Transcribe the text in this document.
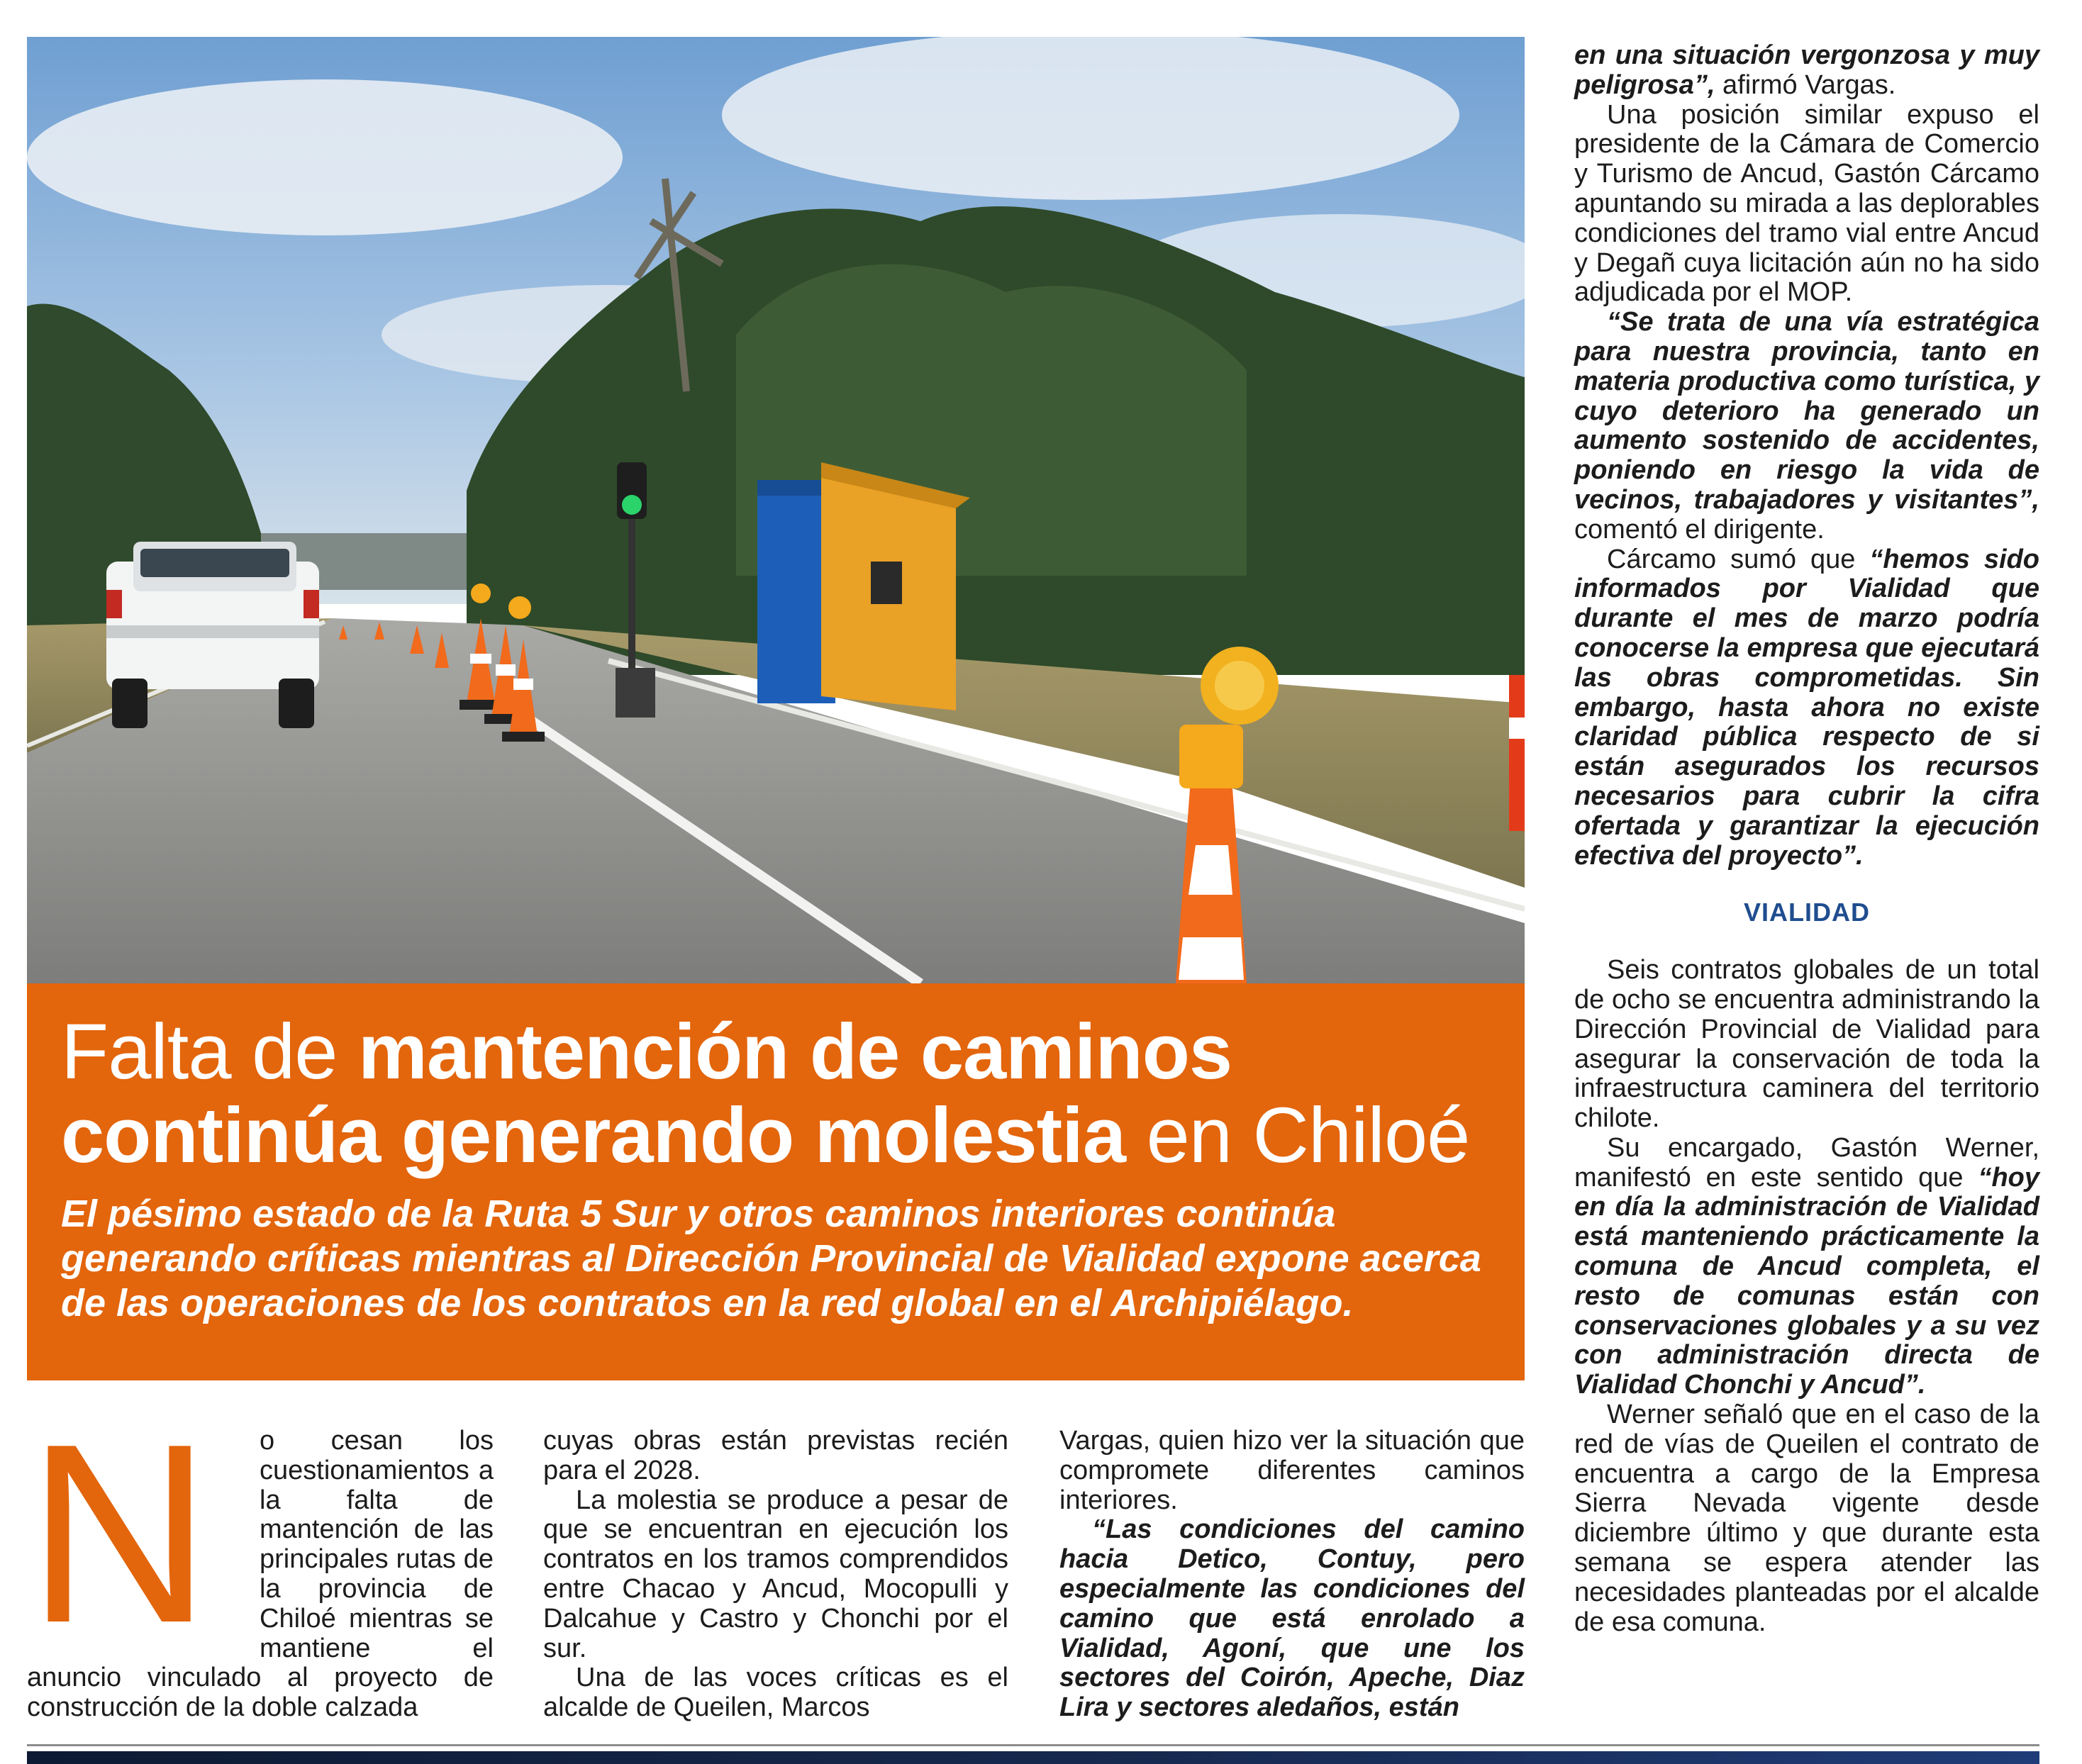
Falta de mantención de caminos
continúa generando molestia en Chiloé

El pésimo estado de la Ruta 5 Sur y otros caminos interiores continúa generando críticas mientras al Dirección Provincial de Vialidad expone acerca de las operaciones de los contratos en la red global en el Archipiélago.

N	o cesan los cuestionamientos a la falta de mantención de las principales rutas de la provincia de Chiloé mientras se mantiene el anuncio vinculado al proyecto de construcción de la doble calzada

cuyas obras están previstas recién para el 2028.

La molestia se produce a pesar de que se encuentran en ejecución los contratos en los tramos comprendidos entre Chacao y Ancud, Mocopulli y Dalcahue y Castro y Chonchi por el sur.

Una de las voces críticas es el alcalde de Queilen, Marcos

Vargas, quien hizo ver la situación que compromete diferentes caminos interiores.

“Las condiciones del camino hacia Detico, Contuy, pero especialmente las condiciones del camino que está enrolado a Vialidad, Agoní, que une los sectores del Coirón, Apeche, Diaz Lira y sectores aledaños, están

en una situación vergonzosa y muy peligrosa”, afirmó Vargas.

Una posición similar expuso el presidente de la Cámara de Comercio y Turismo de Ancud, Gastón Cárcamo apuntando su mirada a las deplorables condiciones del tramo vial entre Ancud y Degañ cuya licitación aún no ha sido adjudicada por el MOP.

“Se trata de una vía estratégica para nuestra provincia, tanto en materia productiva como turística, y cuyo deterioro ha generado un aumento sostenido de accidentes, poniendo en riesgo la vida de vecinos, trabajadores y visitantes”, comentó el dirigente.

Cárcamo sumó que “hemos sido informados por Vialidad que durante el mes de marzo podría conocerse la empresa que ejecutará las obras comprometidas. Sin embargo, hasta ahora no existe claridad pública respecto de si están asegurados los recursos necesarios para cubrir la cifra ofertada y garantizar la ejecución efectiva del proyecto”.

VIALIDAD

Seis contratos globales de un total de ocho se encuentra administrando la Dirección Provincial de Vialidad para asegurar la conservación de toda la infraestructura caminera del territorio chilote.

Su encargado, Gastón Werner, manifestó en este sentido que “hoy en día la administración de Vialidad está manteniendo prácticamente la comuna de Ancud completa, el resto de comunas están con conservaciones globales y a su vez con administración directa de Vialidad Chonchi y Ancud”.

Werner señaló que en el caso de la red de vías de Queilen el contrato de encuentra a cargo de la Empresa Sierra Nevada vigente desde diciembre último y que durante esta semana se espera atender las necesidades planteadas por el alcalde de esa comuna.
